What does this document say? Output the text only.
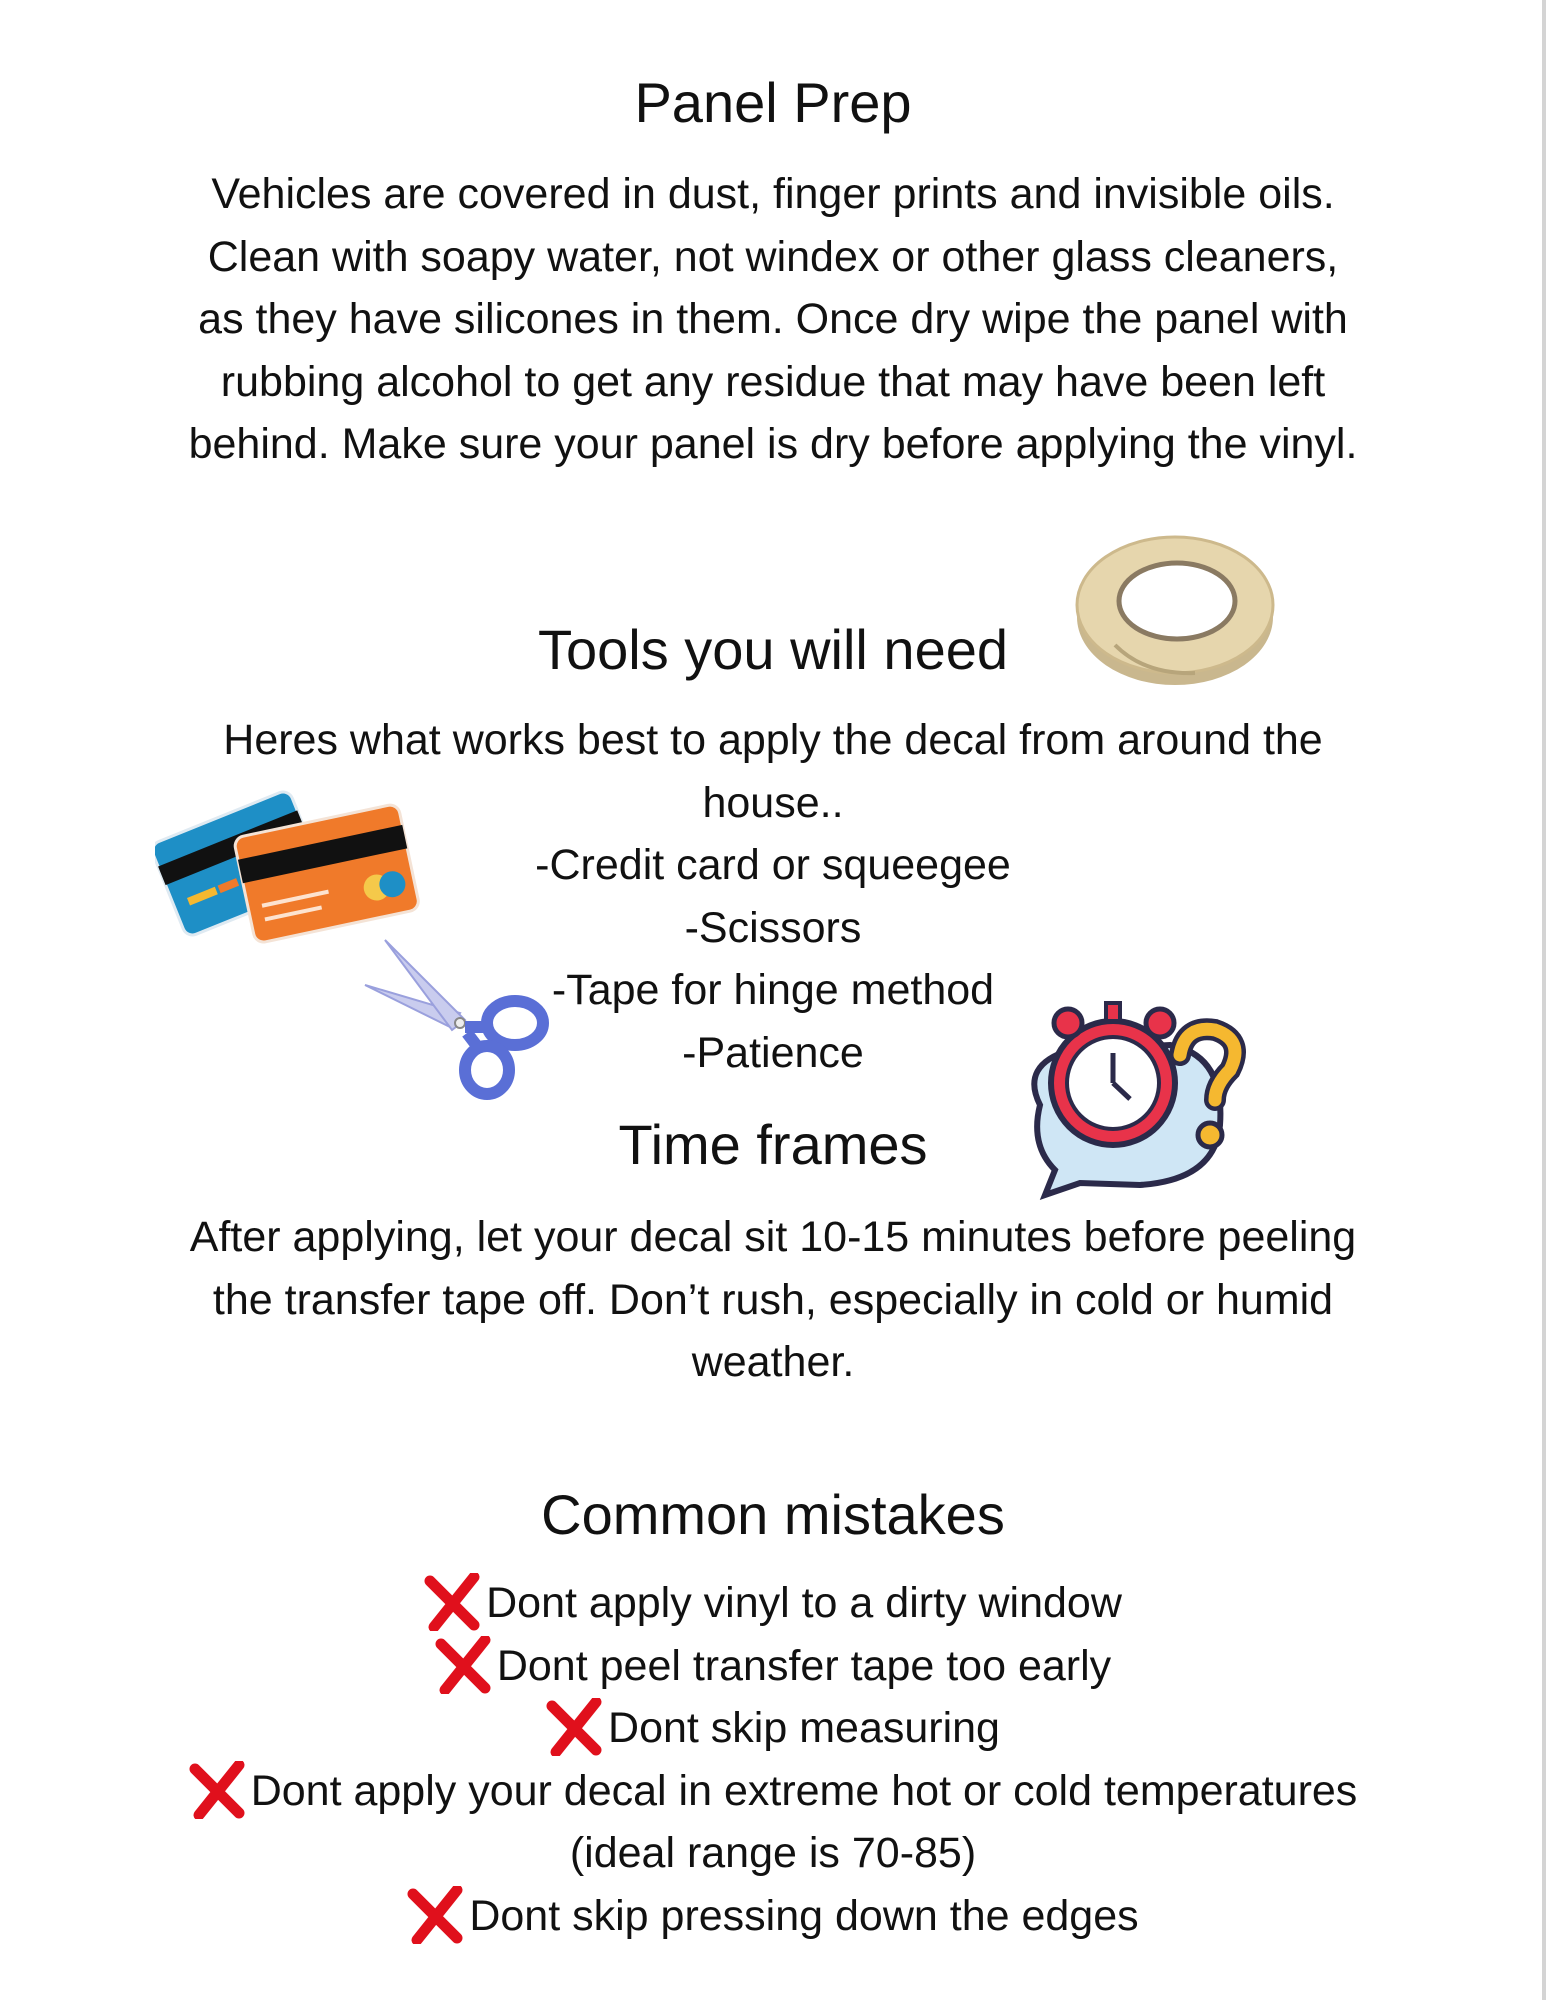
Panel Prep
Vehicles are covered in dust, finger prints and invisible oils.
Clean with soapy water, not windex or other glass cleaners,
as they have silicones in them. Once dry wipe the panel with
rubbing alcohol to get any residue that may have been left
behind. Make sure your panel is dry before applying the vinyl.
Tools you will need
Heres what works best to apply the decal from around the
house..
-Credit card or squeegee
-Scissors
-Tape for hinge method
-Patience
Time frames
After applying, let your decal sit 10-15 minutes before peeling
the transfer tape off. Don’t rush, especially in cold or humid
weather.
Common mistakes
Dont apply vinyl to a dirty window
Dont peel transfer tape too early
Dont skip measuring
Dont apply your decal in extreme hot or cold temperatures
(ideal range is 70-85)
Dont skip pressing down the edges
